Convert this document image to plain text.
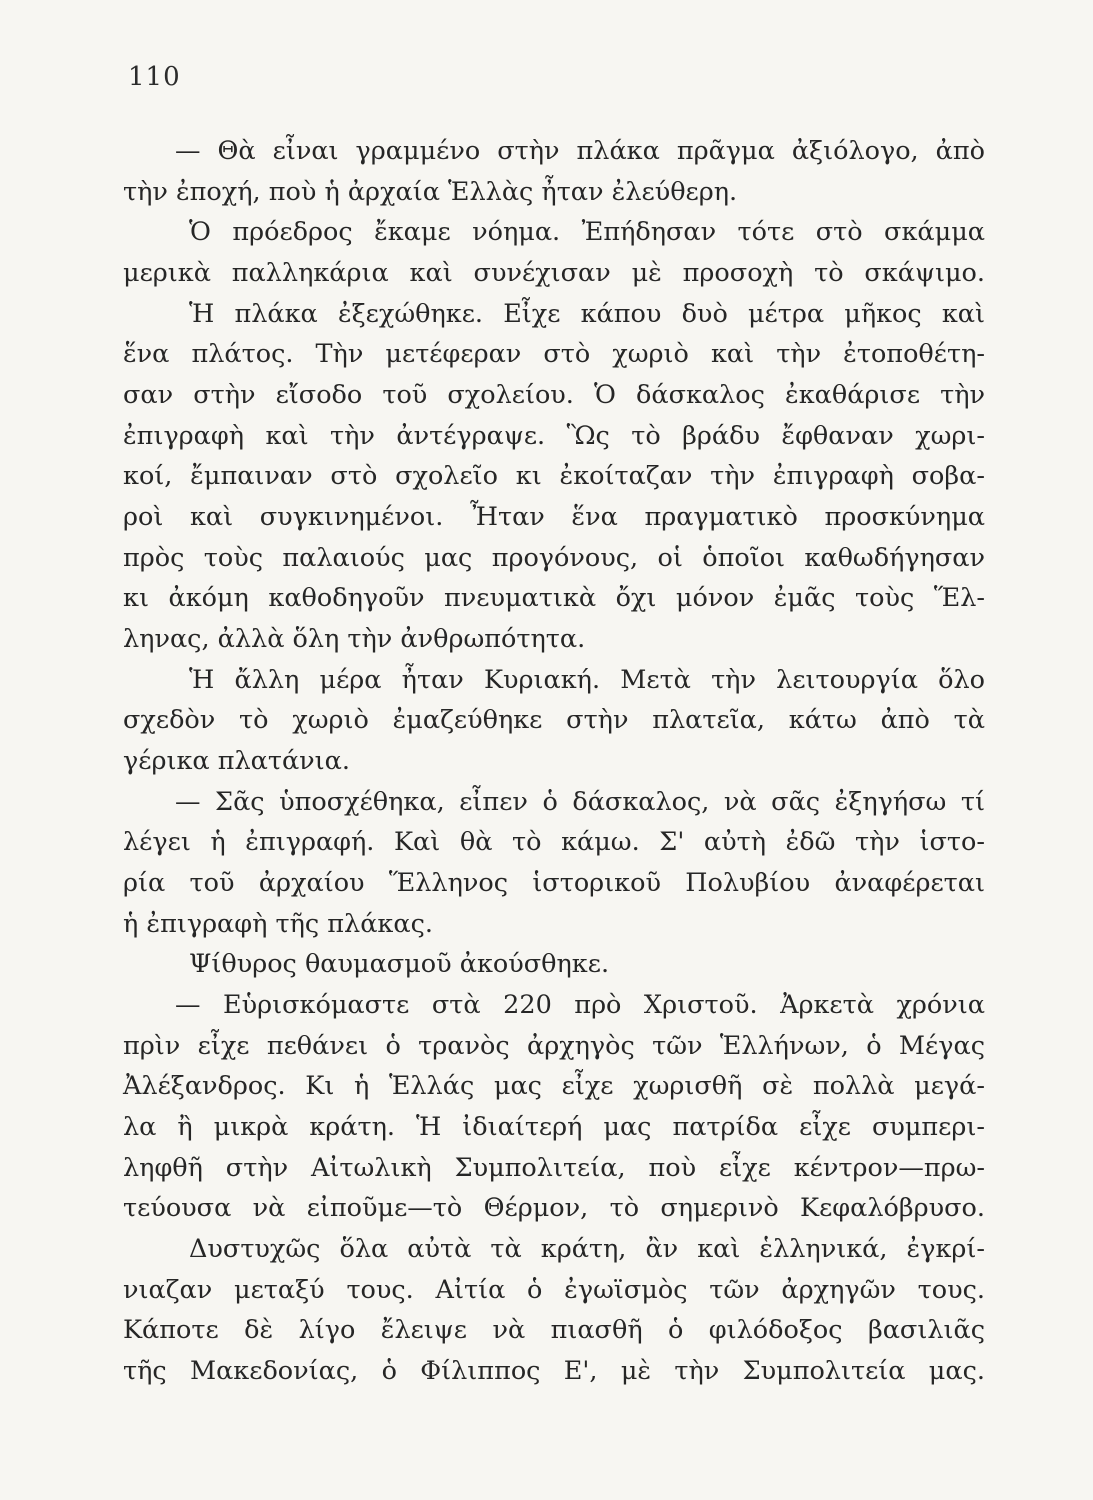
110
— Θὰ εἶναι γραμμένο στὴν πλάκα πρᾶγμα ἀξιόλογο, ἀπὸ
τὴν ἐποχή, ποὺ ἡ ἀρχαία Ἑλλὰς ἦταν ἐλεύθερη.
Ὁ πρόεδρος ἔκαμε νόημα. Ἐπήδησαν τότε στὸ σκάμμα
μερικὰ παλληκάρια καὶ συνέχισαν μὲ προσοχὴ τὸ σκάψιμο.
Ἡ πλάκα ἐξεχώθηκε. Εἶχε κάπου δυὸ μέτρα μῆκος καὶ
ἕνα πλάτος. Τὴν μετέφεραν στὸ χωριὸ καὶ τὴν ἐτοποθέτη-
σαν στὴν εἴσοδο τοῦ σχολείου. Ὁ δάσκαλος ἐκαθάρισε τὴν
ἐπιγραφὴ καὶ τὴν ἀντέγραψε. Ὣς τὸ βράδυ ἔφθαναν χωρι-
κοί, ἔμπαιναν στὸ σχολεῖο κι ἐκοίταζαν τὴν ἐπιγραφὴ σοβα-
ροὶ καὶ συγκινημένοι. Ἦταν ἕνα πραγματικὸ προσκύνημα
πρὸς τοὺς παλαιούς μας προγόνους, οἱ ὁποῖοι καθωδήγησαν
κι ἀκόμη καθοδηγοῦν πνευματικὰ ὄχι μόνον ἐμᾶς τοὺς Ἕλ-
ληνας, ἀλλὰ ὅλη τὴν ἀνθρωπότητα.
Ἡ ἄλλη μέρα ἦταν Κυριακή. Μετὰ τὴν λειτουργία ὅλο
σχεδὸν τὸ χωριὸ ἐμαζεύθηκε στὴν πλατεῖα, κάτω ἀπὸ τὰ
γέρικα πλατάνια.
— Σᾶς ὑποσχέθηκα, εἶπεν ὁ δάσκαλος, νὰ σᾶς ἐξηγήσω τί
λέγει ἡ ἐπιγραφή. Καὶ θὰ τὸ κάμω. Σ' αὐτὴ ἐδῶ τὴν ἱστο-
ρία τοῦ ἀρχαίου Ἕλληνος ἱστορικοῦ Πολυβίου ἀναφέρεται
ἡ ἐπιγραφὴ τῆς πλάκας.
Ψίθυρος θαυμασμοῦ ἀκούσθηκε.
— Εὑρισκόμαστε στὰ 220 πρὸ Χριστοῦ. Ἀρκετὰ χρόνια
πρὶν εἶχε πεθάνει ὁ τρανὸς ἀρχηγὸς τῶν Ἑλλήνων, ὁ Μέγας
Ἀλέξανδρος. Κι ἡ Ἑλλάς μας εἶχε χωρισθῆ σὲ πολλὰ μεγά-
λα ἢ μικρὰ κράτη. Ἡ ἰδιαίτερή μας πατρίδα εἶχε συμπερι-
ληφθῆ στὴν Αἰτωλικὴ Συμπολιτεία, ποὺ εἶχε κέντρον—πρω-
τεύουσα νὰ εἰποῦμε—τὸ Θέρμον, τὸ σημερινὸ Κεφαλόβρυσο.
Δυστυχῶς ὅλα αὐτὰ τὰ κράτη, ἂν καὶ ἑλληνικά, ἐγκρί-
νιαζαν μεταξύ τους. Αἰτία ὁ ἐγωϊσμὸς τῶν ἀρχηγῶν τους.
Κάποτε δὲ λίγο ἔλειψε νὰ πιασθῆ ὁ φιλόδοξος βασιλιᾶς
τῆς Μακεδονίας, ὁ Φίλιππος Ε', μὲ τὴν Συμπολιτεία μας.
